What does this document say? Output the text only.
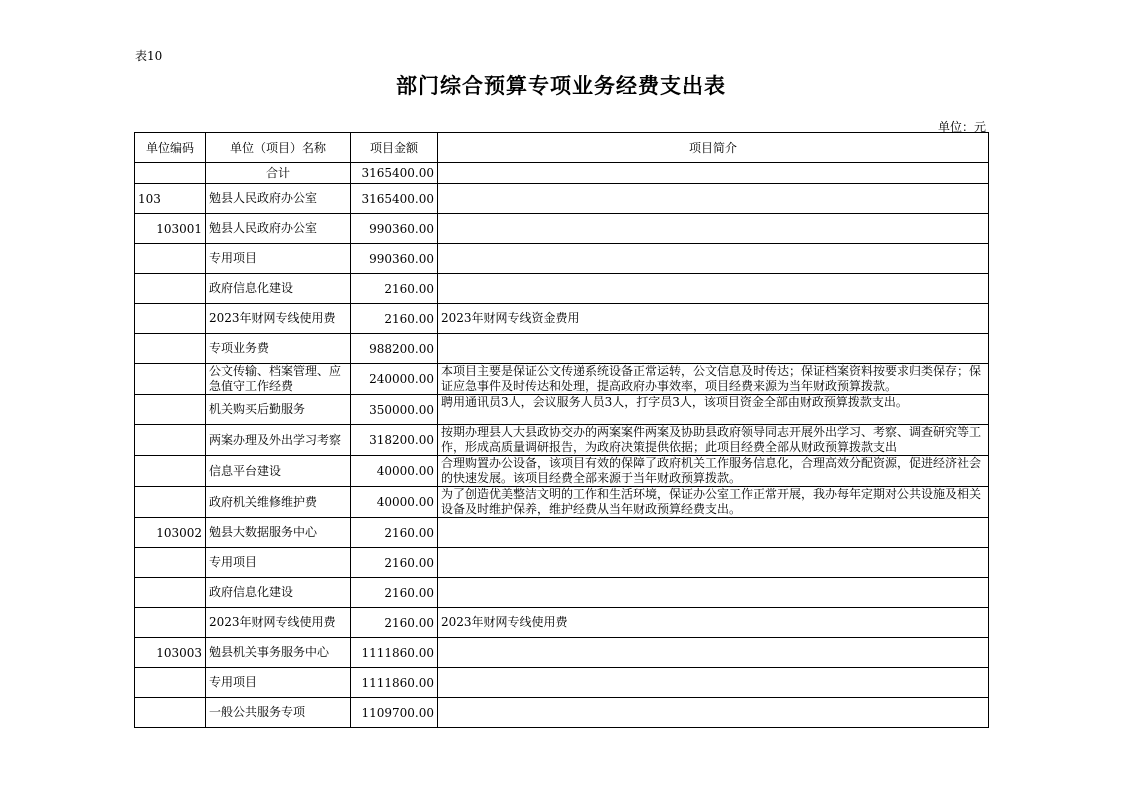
表10
部门综合预算专项业务经费支出表
单位：元
单位编码	单位（项目）名称	项目金额	项目简介
	合计	3165400.00	
103	勉县人民政府办公室	3165400.00	
103001	勉县人民政府办公室	990360.00	
	专用项目	990360.00	
	政府信息化建设	2160.00	
	2023年财网专线使用费	2160.00	2023年财网专线资金费用
	专项业务费	988200.00	
	公文传输、档案管理、应急值守工作经费	240000.00	本项目主要是保证公文传递系统设备正常运转，公文信息及时传达；保证档案资料按要求归类保存；保证应急事件及时传达和处理，提高政府办事效率，项目经费来源为当年财政预算拨款。
	机关购买后勤服务	350000.00	聘用通讯员3人，会议服务人员3人，打字员3人，该项目资金全部由财政预算拨款支出。
	两案办理及外出学习考察	318200.00	按期办理县人大县政协交办的两案案件两案及协助县政府领导同志开展外出学习、考察、调查研究等工作，形成高质量调研报告，为政府决策提供依据；此项目经费全部从财政预算拨款支出
	信息平台建设	40000.00	合理购置办公设备，该项目有效的保障了政府机关工作服务信息化，合理高效分配资源，促进经济社会的快速发展。该项目经费全部来源于当年财政预算拨款。
	政府机关维修维护费	40000.00	为了创造优美整洁文明的工作和生活环境，保证办公室工作正常开展，我办每年定期对公共设施及相关设备及时维护保养，维护经费从当年财政预算经费支出。
103002	勉县大数据服务中心	2160.00	
	专用项目	2160.00	
	政府信息化建设	2160.00	
	2023年财网专线使用费	2160.00	2023年财网专线使用费
103003	勉县机关事务服务中心	1111860.00	
	专用项目	1111860.00	
	一般公共服务专项	1109700.00	
